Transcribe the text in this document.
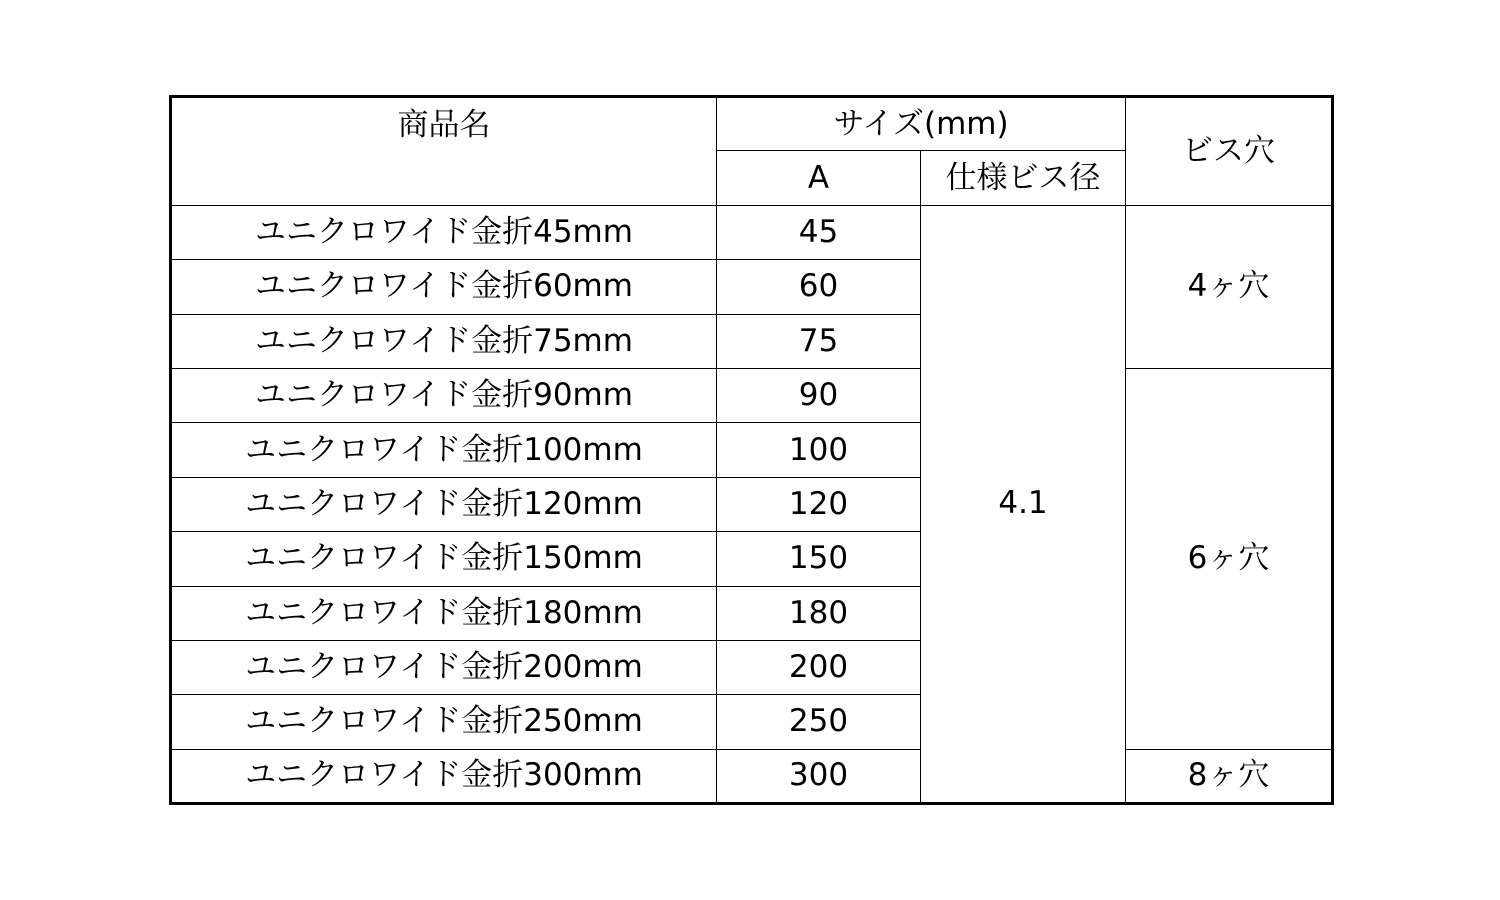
商品名	サイズ(mm)		ビス穴
	A	仕様ビス径	
ユニクロワイド金折45mm	45	4.1	4ヶ穴
ユニクロワイド金折60mm	60		
ユニクロワイド金折75mm	75		
ユニクロワイド金折90mm	90		6ヶ穴
ユニクロワイド金折100mm	100		
ユニクロワイド金折120mm	120		
ユニクロワイド金折150mm	150		
ユニクロワイド金折180mm	180		
ユニクロワイド金折200mm	200		
ユニクロワイド金折250mm	250		
ユニクロワイド金折300mm	300		8ヶ穴
